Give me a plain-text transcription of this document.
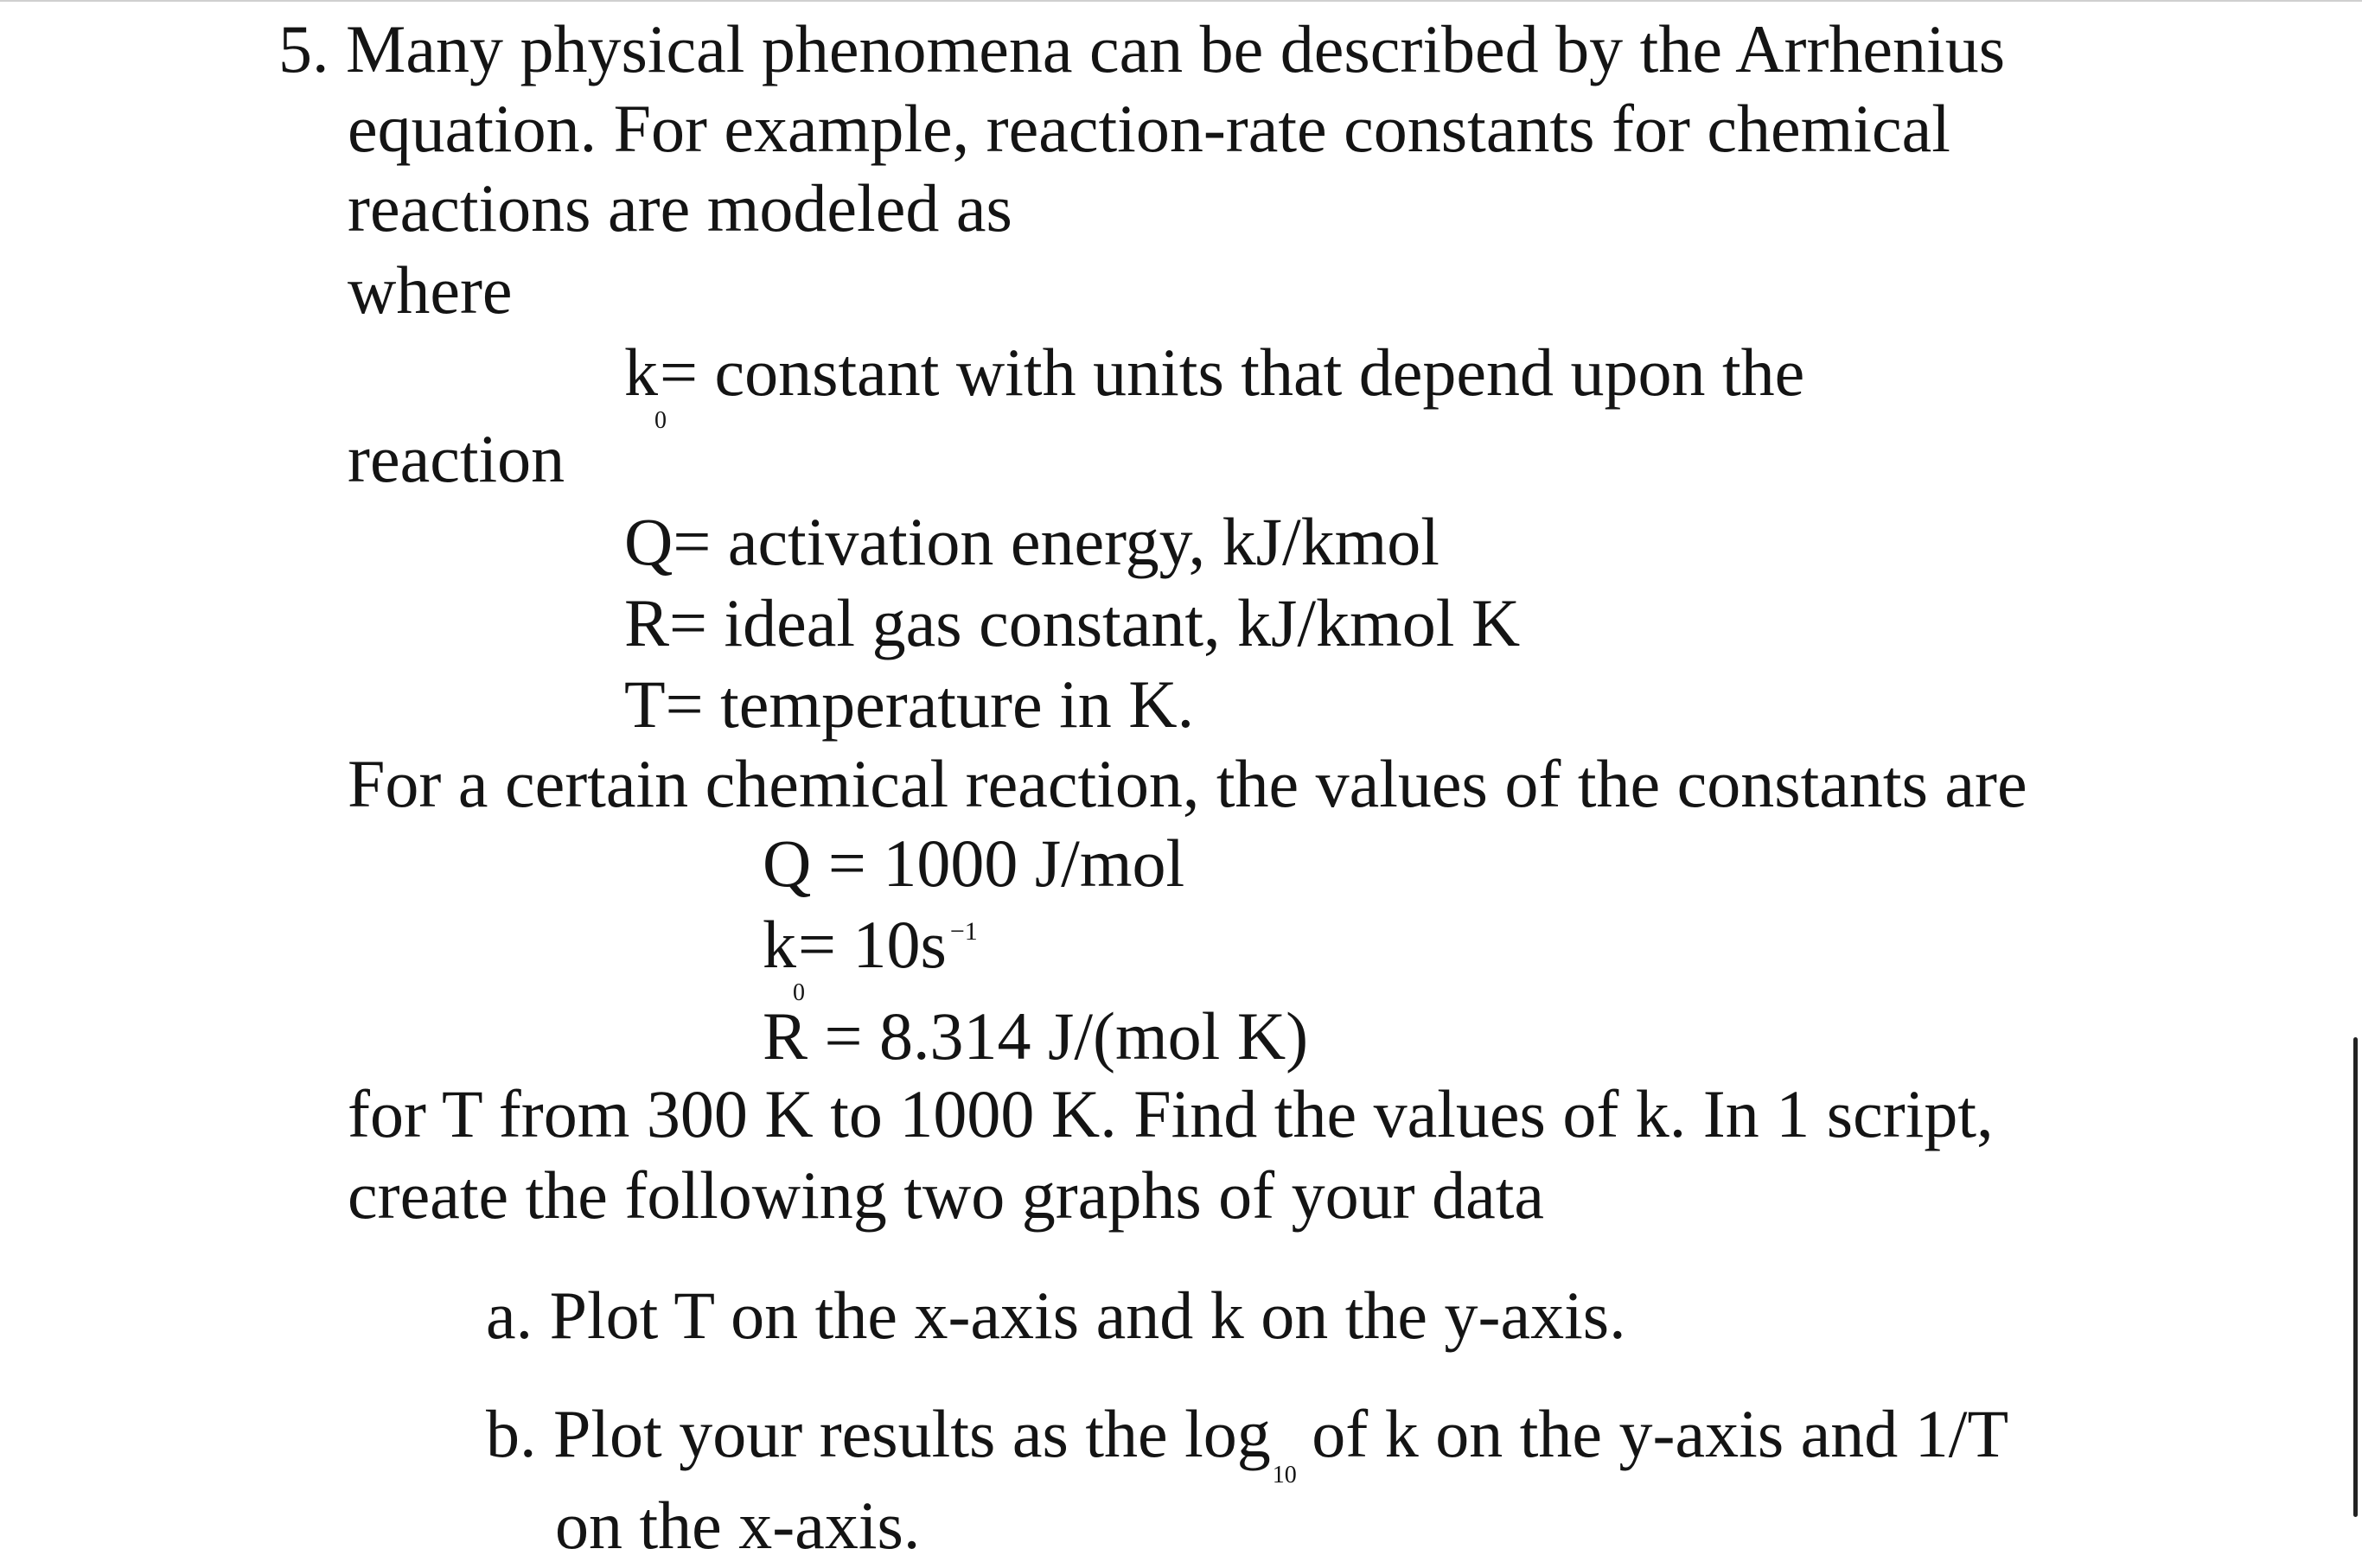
5. Many physical phenomena can be described by the Arrhenius
equation. For example, reaction-rate constants for chemical
reactions are modeled as
where
k0= constant with units that depend upon the
reaction
Q= activation energy, kJ/kmol
R= ideal gas constant, kJ/kmol K
T= temperature in K.
For a certain chemical reaction, the values of the constants are
Q = 1000 J/mol
k0= 10s $^{-1}$
R = 8.314 J/(mol K)
for T from 300 K to 1000 K. Find the values of k. In 1 script,
create the following two graphs of your data
a. Plot T on the x-axis and k on the y-axis.
b. Plot your results as the $\log_{10}$ of k on the y-axis and 1/T
on the x-axis.
